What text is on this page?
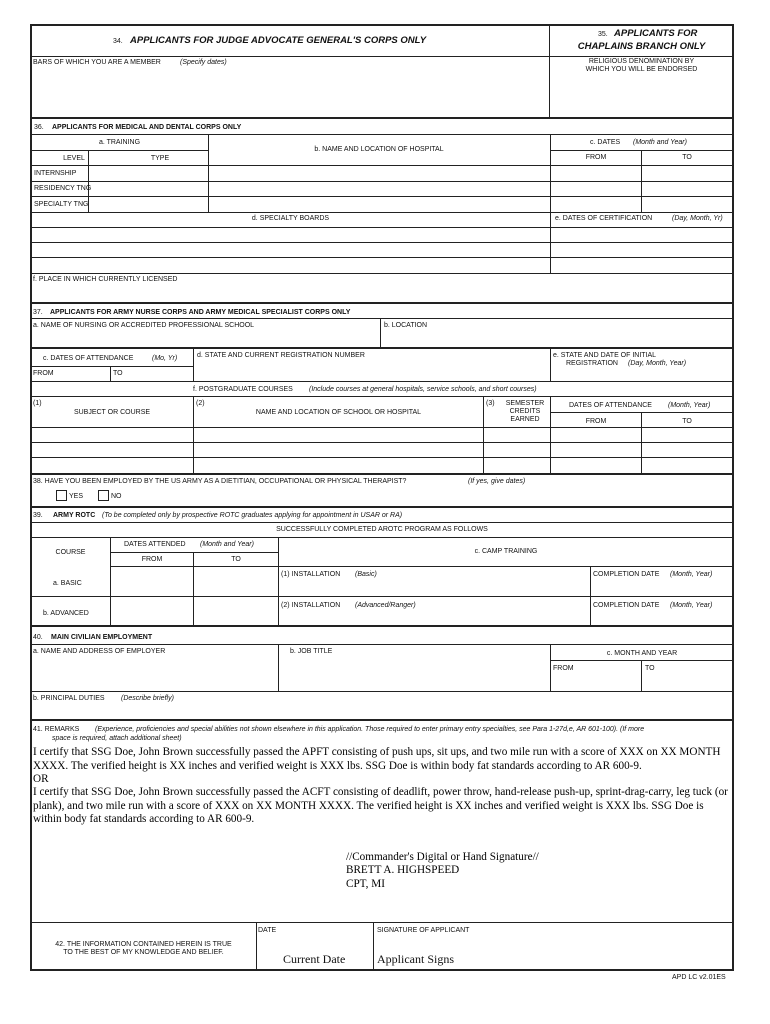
34. APPLICANTS FOR JUDGE ADVOCATE GENERAL'S CORPS ONLY
BARS OF WHICH YOU ARE A MEMBER	(Specify dates)
35. APPLICANTS FOR
CHAPLAINS BRANCH ONLY
RELIGIOUS DENOMINATION BY
WHICH YOU WILL BE ENDORSED
36. APPLICANTS FOR MEDICAL AND DENTAL CORPS ONLY
a. TRAINING
LEVEL	TYPE
b. NAME AND LOCATION OF HOSPITAL
c. DATES (Month and Year)
FROM	TO
INTERNSHIP
RESIDENCY TNG
SPECIALTY TNG
d. SPECIALTY BOARDS	e. DATES OF CERTIFICATION	(Day, Month, Yr)
f. PLACE IN WHICH CURRENTLY LICENSED
37. APPLICANTS FOR ARMY NURSE CORPS AND ARMY MEDICAL SPECIALIST CORPS ONLY
a. NAME OF NURSING OR ACCREDITED PROFESSIONAL SCHOOL	b. LOCATION
c. DATES OF ATTENDANCE	(Mo, Yr)	d. STATE AND CURRENT REGISTRATION NUMBER	e. STATE AND DATE OF INITIAL
REGISTRATION (Day, Month, Year)
FROM	TO
f. POSTGRADUATE COURSES (Include courses at general hospitals, service schools, and short courses)
(1)
SUBJECT OR COURSE
(2)
NAME AND LOCATION OF SCHOOL OR HOSPITAL
(3)	SEMESTER
CREDITS
EARNED
DATES OF ATTENDANCE (Month, Year)
FROM	TO
38. HAVE YOU BEEN EMPLOYED BY THE US ARMY AS A DIETITIAN, OCCUPATIONAL OR PHYSICAL THERAPIST?	(If yes, give dates)
YES	NO
39. ARMY ROTC (To be completed only by prospective ROTC graduates applying for appointment in USAR or RA)
SUCCESSFULLY COMPLETED AROTC PROGRAM AS FOLLOWS
COURSE
DATES ATTENDED (Month and Year)
FROM	TO
c. CAMP TRAINING
a. BASIC
b. ADVANCED
(1) INSTALLATION (Basic)	COMPLETION DATE (Month, Year)
(2) INSTALLATION (Advanced/Ranger)	COMPLETION DATE (Month, Year)
40. MAIN CIVILIAN EMPLOYMENT
a. NAME AND ADDRESS OF EMPLOYER	b. JOB TITLE	c. MONTH AND YEAR
FROM	TO
b. PRINCIPAL DUTIES (Describe briefly)
41. REMARKS (Experience, proficiencies and special abilities not shown elsewhere in this application. Those required to enter primary entry specialties, see Para 1-27d,e, AR 601-100). (If more
space is required, attach additional sheet)
I certify that SSG Doe, John Brown successfully passed the APFT consisting of push ups, sit ups, and two mile run with a score of XXX on XX MONTH XXXX. The verified height is XX inches and verified weight is XXX lbs. SSG Doe is within body fat standards according to AR 600-9.
OR
I certify that SSG Doe, John Brown successfully passed the ACFT consisting of deadlift, power throw, hand-release push-up, sprint-drag-carry, leg tuck (or plank), and two mile run with a score of XXX on XX MONTH XXXX. The verified height is XX inches and verified weight is XXX lbs. SSG Doe is within body fat standards according to AR 600-9.
//Commander's Digital or Hand Signature//
BRETT A. HIGHSPEED
CPT, MI
42. THE INFORMATION CONTAINED HEREIN IS TRUE
TO THE BEST OF MY KNOWLEDGE AND BELIEF.
DATE
Current Date
SIGNATURE OF APPLICANT
Applicant Signs
APD LC v2.01ES
